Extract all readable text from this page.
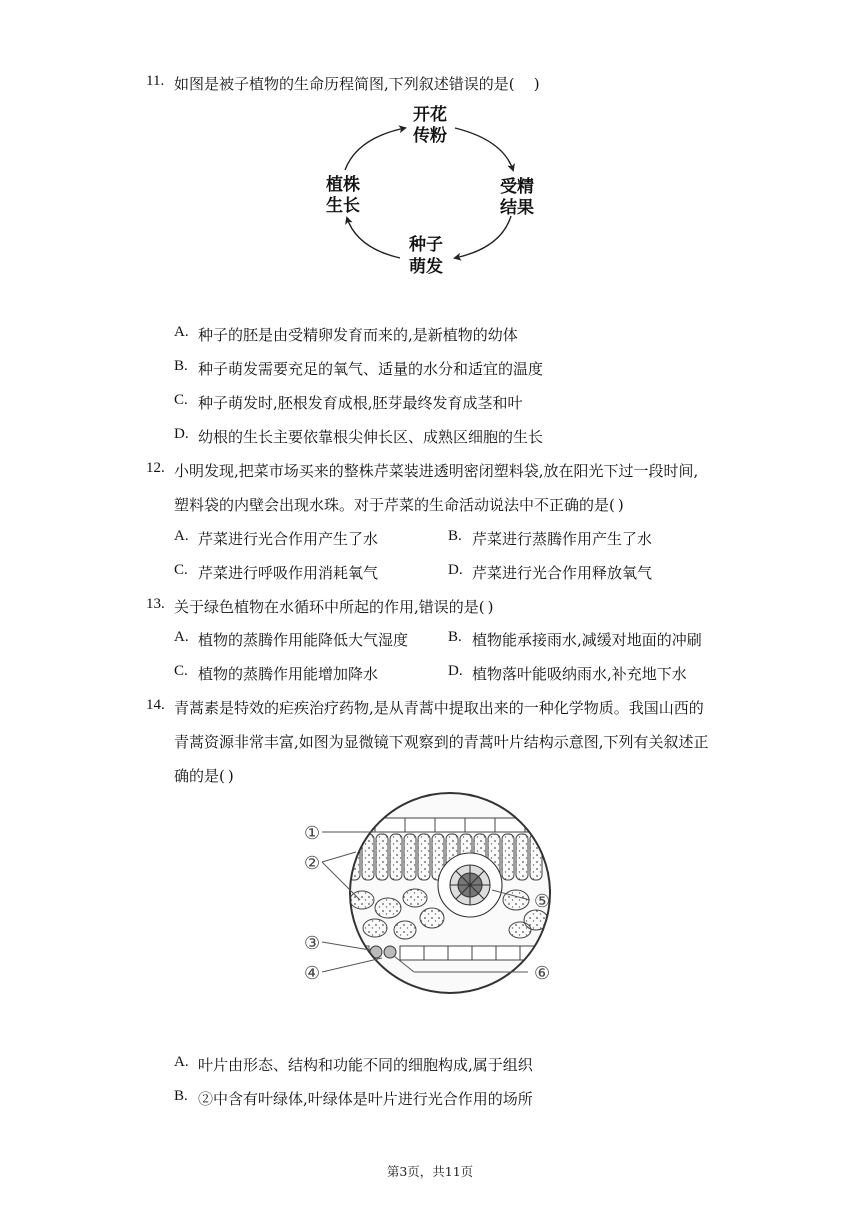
11. 如图是被子植物的生命历程简图,下列叙述错误的是(    )
开花
传粉
受精
结果
种子
萌发
植株
生长
A. 种子的胚是由受精卵发育而来的,是新植物的幼体
B. 种子萌发需要充足的氧气、适量的水分和适宜的温度
C. 种子萌发时,胚根发育成根,胚芽最终发育成茎和叶
D. 幼根的生长主要依靠根尖伸长区、成熟区细胞的生长
12. 小明发现,把菜市场买来的整株芹菜装进透明密闭塑料袋,放在阳光下过一段时间,
塑料袋的内壁会出现水珠。对于芹菜的生命活动说法中不正确的是( )
A. 芹菜进行光合作用产生了水	B. 芹菜进行蒸腾作用产生了水
C. 芹菜进行呼吸作用消耗氧气	D. 芹菜进行光合作用释放氧气
13. 关于绿色植物在水循环中所起的作用,错误的是( )
A. 植物的蒸腾作用能降低大气湿度	B. 植物能承接雨水,减缓对地面的冲刷
C. 植物的蒸腾作用能增加降水	D. 植物落叶能吸纳雨水,补充地下水
14. 青蒿素是特效的疟疾治疗药物,是从青蒿中提取出来的一种化学物质。我国山西的
青蒿资源非常丰富,如图为显微镜下观察到的青蒿叶片结构示意图,下列有关叙述正
确的是( )
①
②
③
④
⑤
⑥
A. 叶片由形态、结构和功能不同的细胞构成,属于组织
B. ②中含有叶绿体,叶绿体是叶片进行光合作用的场所
第3页，共11页
